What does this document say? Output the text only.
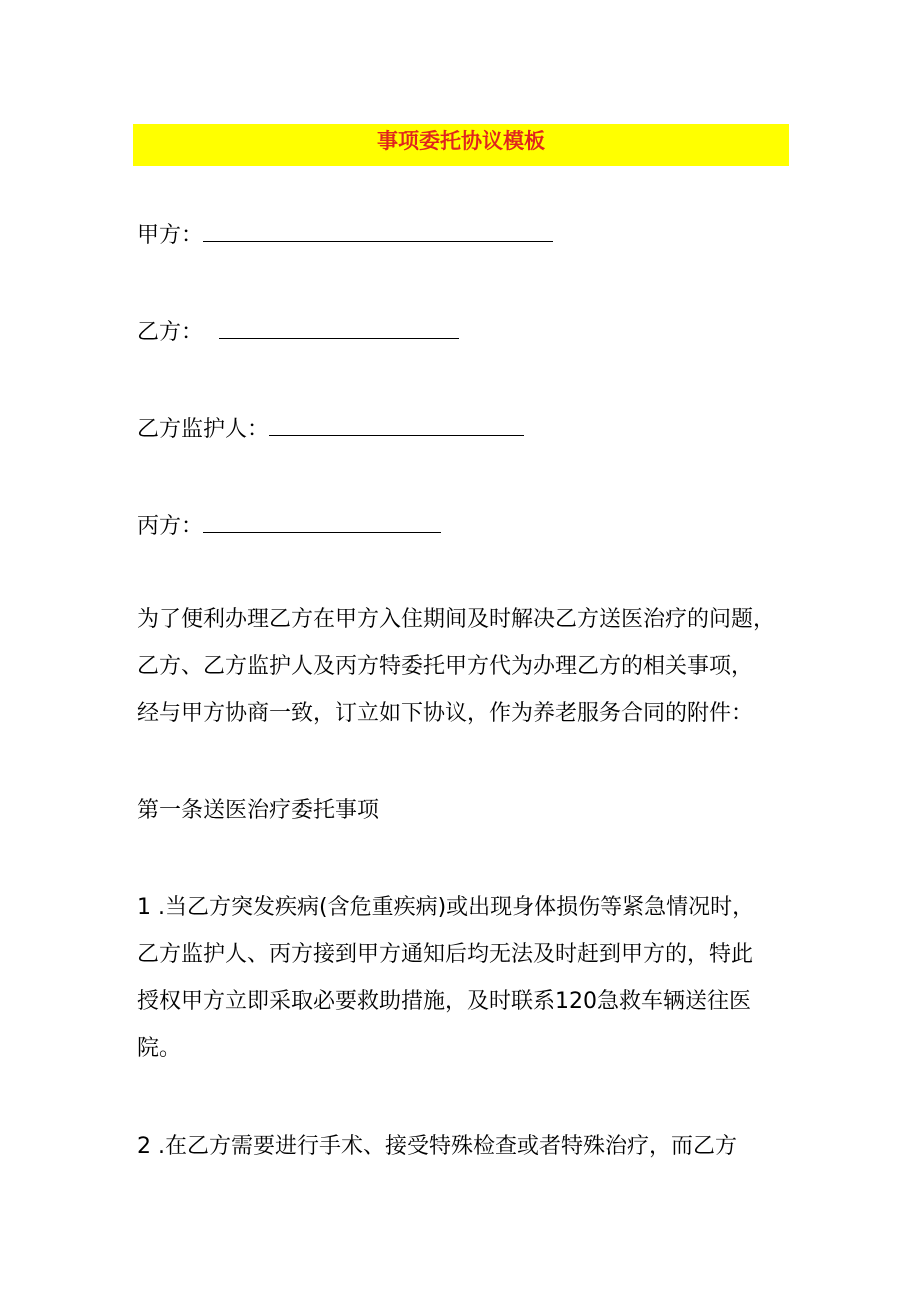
事项委托协议模板
甲方：
乙方：
乙方监护人：
丙方：
为了便利办理乙方在甲方入住期间及时解决乙方送医治疗的问题，
乙方、乙方监护人及丙方特委托甲方代为办理乙方的相关事项，
经与甲方协商一致，订立如下协议，作为养老服务合同的附件：
第一条送医治疗委托事项
1 .当乙方突发疾病(含危重疾病)或出现身体损伤等紧急情况时，
乙方监护人、丙方接到甲方通知后均无法及时赶到甲方的，特此
授权甲方立即采取必要救助措施，及时联系120急救车辆送往医
院。
2 .在乙方需要进行手术、接受特殊检查或者特殊治疗，而乙方
